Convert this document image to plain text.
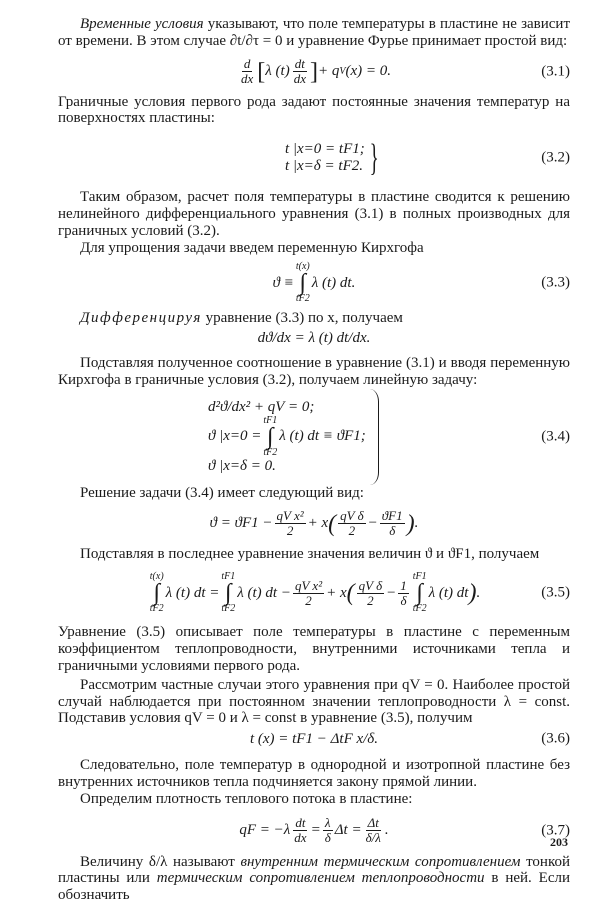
Временные условия указывают, что поле температуры в пластине не зависит от времени. В этом случае ∂t/∂τ = 0 и уравнение Фурье принимает простой вид:

$\frac{d}{dx}$ [ λ $(t) \frac{dt}{dx}$ ] + q V (x) = 0.	(3.1)

Граничные условия первого рода задают постоянные значения температур на поверхностях пластины:

t |x=0 = tF1;
t |x=δ = tF2. }	(3.2)

Таким образом, расчет поля температуры в пластине сводится к решению нелинейного дифференциального уравнения (3.1) в полных производных для граничных условий (3.2).

Для упрощения задачи введем переменную Кирхгофа

ϑ ≡
t(x)
∫
tF2
λ (t) dt.	(3.3)

Дифференцируя уравнение (3.3) по x, получаем

dϑ/dx = λ (t) dt/dx.

Подставляя полученное соотношение в уравнение (3.1) и вводя переменную Кирхгофа в граничные условия (3.2), получаем линейную задачу:

d²ϑ/dx² + qV = 0;
ϑ |x=0 =
tF1
∫
tF2
λ (t) dt ≡ ϑF1;
ϑ |x=δ = 0.
(3.4)

Решение задачи (3.4) имеет следующий вид:

$ϑ = ϑF1 - \frac{\text{qV x²}}{2} + x$ ( $\frac{\text{qV δ}}{2} - \frac{ϑF1}{\delta}$ ) .

Подставляя в последнее уравнение значения величин ϑ и ϑF1, получаем

t(x)
∫
tF2
λ (t) dt =
tF1
∫
tF2
λ (t) dt − $\frac{\text{qV x²}}{2} + x$ ( $\frac{\text{qV δ}}{2} - \frac{1}{\delta}$
tF1
∫
tF2
λ (t) dt ) .	(3.5)

Уравнение (3.5) описывает поле температуры в пластине с переменным коэффициентом теплопроводности, внутренними источниками тепла и граничными условиями первого рода.

Рассмотрим частные случаи этого уравнения при qV = 0. Наиболее простой случай наблюдается при постоянном значении теплопроводности λ = const. Подставив условия qV = 0 и λ = const в уравнение (3.5), получим

t (x) = tF1 − ΔtF x/δ.	(3.6)

Следовательно, поле температур в однородной и изотропной пластине без внутренних источников тепла подчиняется закону прямой линии.

Определим плотность теплового потока в пластине:

qF = $-\lambda \frac{dt}{dx} = \frac{\lambda}{\delta}$ $\Delta t = \frac{\Delta t}{\delta/\lambda}$ .	(3.7)

Величину δ/λ называют внутренним термическим сопротивлением тонкой пластины или термическим сопротивлением теплопроводности в ней. Если обозначить

203
